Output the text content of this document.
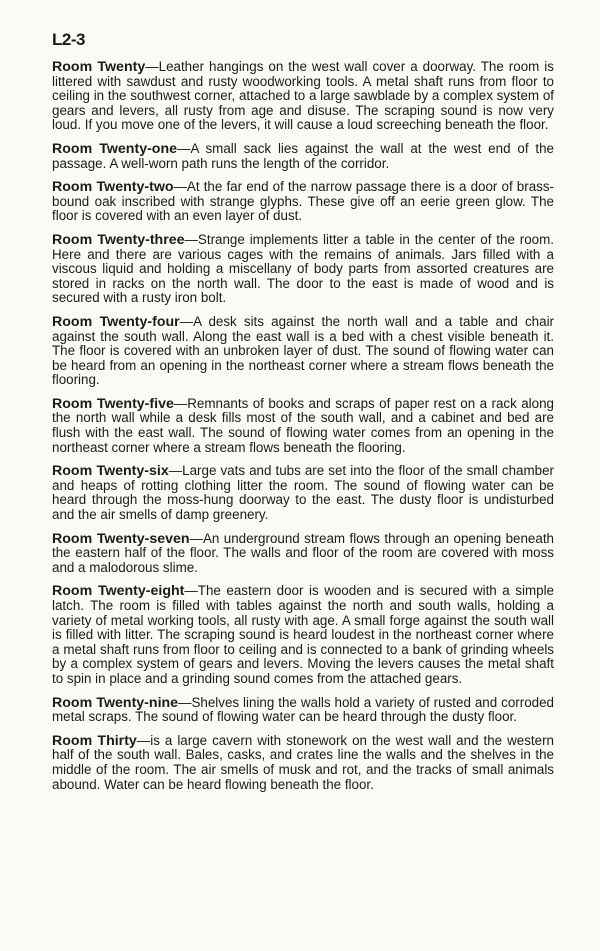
L2-3

Room Twenty — Leather hangings on the west wall cover a doorway. The room is littered with sawdust and rusty woodworking tools. A metal shaft runs from floor to ceiling in the southwest corner, attached to a large sawblade by a complex system of gears and levers, all rusty from age and disuse. The scraping sound is now very loud. If you move one of the levers, it will cause a loud screeching beneath the floor.

Room Twenty-one — A small sack lies against the wall at the west end of the passage. A well-worn path runs the length of the corridor.

Room Twenty-two — At the far end of the narrow passage there is a door of brass-bound oak inscribed with strange glyphs. These give off an eerie green glow. The floor is covered with an even layer of dust.

Room Twenty-three — Strange implements litter a table in the center of the room. Here and there are various cages with the remains of animals. Jars filled with a viscous liquid and holding a miscellany of body parts from assorted creatures are stored in racks on the north wall. The door to the east is made of wood and is secured with a rusty iron bolt.

Room Twenty-four — A desk sits against the north wall and a table and chair against the south wall. Along the east wall is a bed with a chest visible beneath it. The floor is covered with an unbroken layer of dust. The sound of flowing water can be heard from an opening in the northeast corner where a stream flows beneath the flooring.

Room Twenty-five — Remnants of books and scraps of paper rest on a rack along the north wall while a desk fills most of the south wall, and a cabinet and bed are flush with the east wall. The sound of flowing water comes from an opening in the northeast corner where a stream flows beneath the flooring.

Room Twenty-six — Large vats and tubs are set into the floor of the small chamber and heaps of rotting clothing litter the room. The sound of flowing water can be heard through the moss-hung doorway to the east. The dusty floor is undisturbed and the air smells of damp greenery.

Room Twenty-seven — An underground stream flows through an opening beneath the eastern half of the floor. The walls and floor of the room are covered with moss and a malodorous slime.

Room Twenty-eight — The eastern door is wooden and is secured with a simple latch. The room is filled with tables against the north and south walls, holding a variety of metal working tools, all rusty with age. A small forge against the south wall is filled with litter. The scraping sound is heard loudest in the northeast corner where a metal shaft runs from floor to ceiling and is connected to a bank of grinding wheels by a complex system of gears and levers. Moving the levers causes the metal shaft to spin in place and a grinding sound comes from the attached gears.

Room Twenty-nine — Shelves lining the walls hold a variety of rusted and corroded metal scraps. The sound of flowing water can be heard through the dusty floor.

Room Thirty — is a large cavern with stonework on the west wall and the western half of the south wall. Bales, casks, and crates line the walls and the shelves in the middle of the room. The air smells of musk and rot, and the tracks of small animals abound. Water can be heard flowing beneath the floor.
